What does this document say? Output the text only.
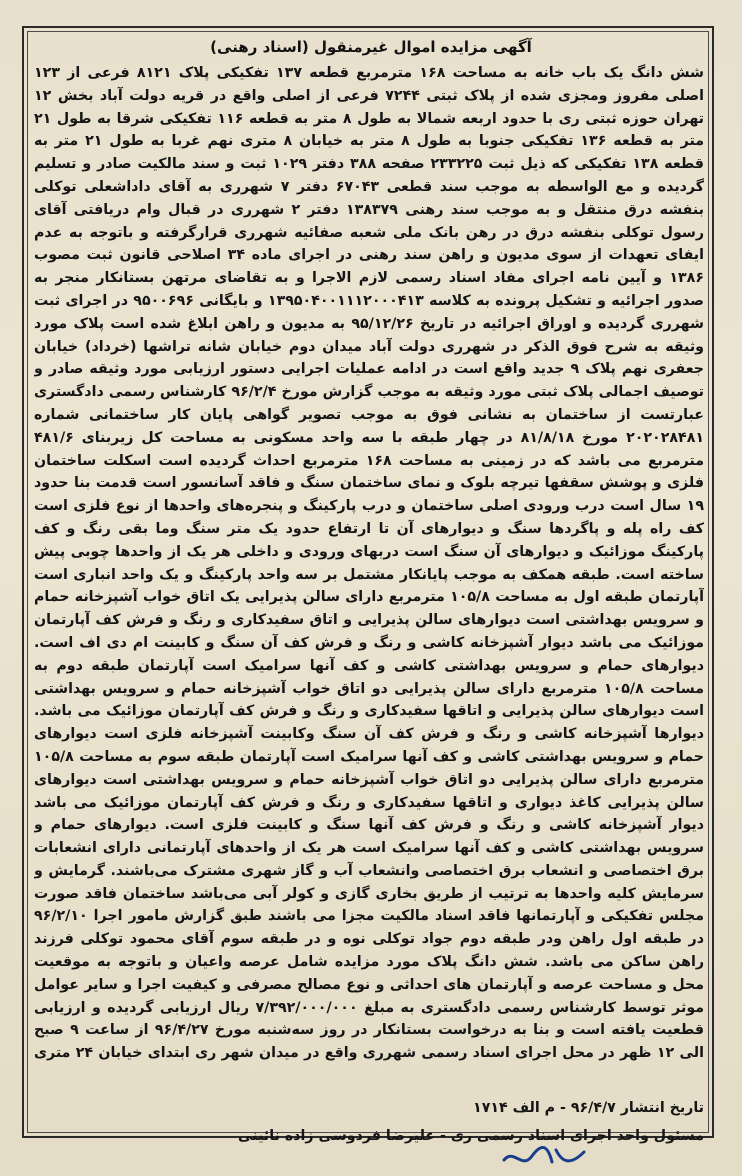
آگهی مزایده اموال غیرمنقول (اسناد رهنی)
شش دانگ یک باب خانه به مساحت ۱۶۸ مترمربع قطعه ۱۳۷ تفکیکی پلاک ۸۱۲۱ فرعی از ۱۲۳ اصلی مفروز ومجزی شده از پلاک ثبتی ۷۲۴۴ فرعی از اصلی واقع در قریه دولت آباد بخش ۱۲ تهران حوزه ثبتی ری با حدود اربعه شمالا به طول ۸ متر به قطعه ۱۱۶ تفکیکی شرقا به طول ۲۱ متر به قطعه ۱۳۶ تفکیکی جنوبا به طول ۸ متر به خیابان ۸ متری نهم غربا به طول ۲۱ متر به قطعه ۱۳۸ تفکیکی که ذیل ثبت ۲۳۳۲۲۵ صفحه ۳۸۸ دفتر ۱۰۲۹ ثبت و سند مالکیت صادر و تسلیم گردیده و مع الواسطه به موجب سند قطعی ۶۷۰۴۳ دفتر ۷ شهرری به آقای داداشعلی توکلی بنفشه درق منتقل و به موجب سند رهنی ۱۳۸۳۷۹ دفتر ۲ شهرری در قبال وام دریافتی آقای رسول توکلی بنفشه درق در رهن بانک ملی شعبه صفائیه شهرری قرارگرفته و باتوجه به عدم ایفای تعهدات از سوی مدیون و راهن سند رهنی در اجرای ماده ۳۴ اصلاحی قانون ثبت مصوب ۱۳۸۶ و آیین نامه اجرای مفاد اسناد رسمی لازم الاجرا و به تقاضای مرتهن بستانکار منجر به صدور اجرائیه و تشکیل پرونده به کلاسه ۱۳۹۵۰۴۰۰۱۱۱۲۰۰۰۴۱۳ و بایگانی ۹۵۰۰۶۹۶ در اجرای ثبت شهرری گردیده و اوراق اجرائیه در تاریخ ۹۵/۱۲/۲۶ به مدیون و راهن ابلاغ شده است پلاک مورد وثیقه به شرح فوق الذکر در شهرری دولت آباد میدان دوم خیابان شانه تراشها (خرداد) خیابان جعفری نهم پلاک ۹ جدید واقع است در ادامه عملیات اجرایی دستور ارزیابی مورد وثیقه صادر و توصیف اجمالی پلاک ثبتی مورد وثیقه به موجب گزارش مورخ ۹۶/۲/۴ کارشناس رسمی دادگستری عبارتست از ساختمان به نشانی فوق به موجب تصویر گواهی پایان کار ساختمانی شماره ۲۰۲۰۲۸۴۸۱ مورخ ۸۱/۸/۱۸ در چهار طبقه با سه واحد مسکونی به مساحت کل زیربنای ۴۸۱/۶ مترمربع می باشد که در زمینی به مساحت ۱۶۸ مترمربع احداث گردیده است اسکلت ساختمان فلزی و پوشش سقفها تیرچه بلوک و نمای ساختمان سنگ و فاقد آسانسور است قدمت بنا حدود ۱۹ سال است درب ورودی اصلی ساختمان و درب پارکینگ و پنجره‌های واحدها از نوع فلزی است کف راه پله و پاگردها سنگ و دیوارهای آن تا ارتفاع حدود یک متر سنگ وما بقی رنگ و کف پارکینگ موزائیک و دیوارهای آن سنگ است دربهای ورودی و داخلی هر یک از واحدها چوبی پیش ساخته است. طبقه همکف به موجب پایانکار مشتمل بر سه واحد پارکینگ و یک واحد انباری است آپارتمان طبقه اول به مساحت ۱۰۵/۸ مترمربع دارای سالن پذیرایی یک اتاق خواب آشپزخانه حمام و سرویس بهداشتی است دیوارهای سالن پذیرایی و اتاق سفیدکاری و رنگ و فرش کف آپارتمان موزائیک می باشد دیوار آشپزخانه کاشی و رنگ و فرش کف آن سنگ و کابینت ام دی اف است. دیوارهای حمام و سرویس بهداشتی کاشی و کف آنها سرامیک است آپارتمان طبقه دوم به مساحت ۱۰۵/۸ مترمربع دارای سالن پذیرایی دو اتاق خواب آشپزخانه حمام و سرویس بهداشتی است دیوارهای سالن پذیرایی و اتاقها سفیدکاری و رنگ و فرش کف آپارتمان موزائیک می باشد. دیوارها آشپزخانه کاشی و رنگ و فرش کف آن سنگ وکابینت آشپزخانه فلزی است دیوارهای حمام و سرویس بهداشتی کاشی و کف آنها سرامیک است آپارتمان طبقه سوم به مساحت ۱۰۵/۸ مترمربع دارای سالن پذیرایی دو اتاق خواب آشپزخانه حمام و سرویس بهداشتی است دیوارهای سالن پذیرایی کاغذ دیواری و اتاقها سفیدکاری و رنگ و فرش کف آپارتمان موزائیک می باشد دیوار آشپزخانه کاشی و رنگ و فرش کف آنها سنگ و کابینت فلزی است. دیوارهای حمام و سرویس بهداشتی کاشی و کف آنها سرامیک است هر یک از واحدهای آپارتمانی دارای انشعابات برق اختصاصی و انشعاب برق اختصاصی وانشعاب آب و گاز شهری مشترک می‌باشند. گرمایش و سرمایش کلیه واحدها به ترتیب از طریق بخاری گازی و کولر آبی می‌باشد ساختمان فاقد صورت مجلس تفکیکی و آپارتمانها فاقد اسناد مالکیت مجزا می باشند طبق گزارش مامور اجرا ۹۶/۲/۱۰ در طبقه اول راهن ودر طبقه دوم جواد توکلی نوه و در طبقه سوم آقای محمود توکلی فرزند راهن ساکن می باشد. شش دانگ پلاک مورد مزایده شامل عرصه واعیان و باتوجه به موقعیت محل و مساحت عرصه و آپارتمان های احداثی و نوع مصالح مصرفی و کیفیت اجرا و سایر عوامل موثر توسط کارشناس رسمی دادگستری به مبلغ ۷/۳۹۲/۰۰۰/۰۰۰ ریال ارزیابی گردیده و ارزیابی قطعیت یافته است و بنا به درخواست بستانکار در روز سه‌شنبه مورخ ۹۶/۴/۲۷ از ساعت ۹ صبح الی ۱۲ ظهر در محل اجرای اسناد رسمی شهرری واقع در میدان شهر ری ابتدای خیابان ۲۴ متری
تاریخ انتشار ۹۶/۴/۷ - م الف ۱۷۱۴
مسئول واحد اجرای اسناد رسمی ری - علیرضا فردوسی زاده نائینی
